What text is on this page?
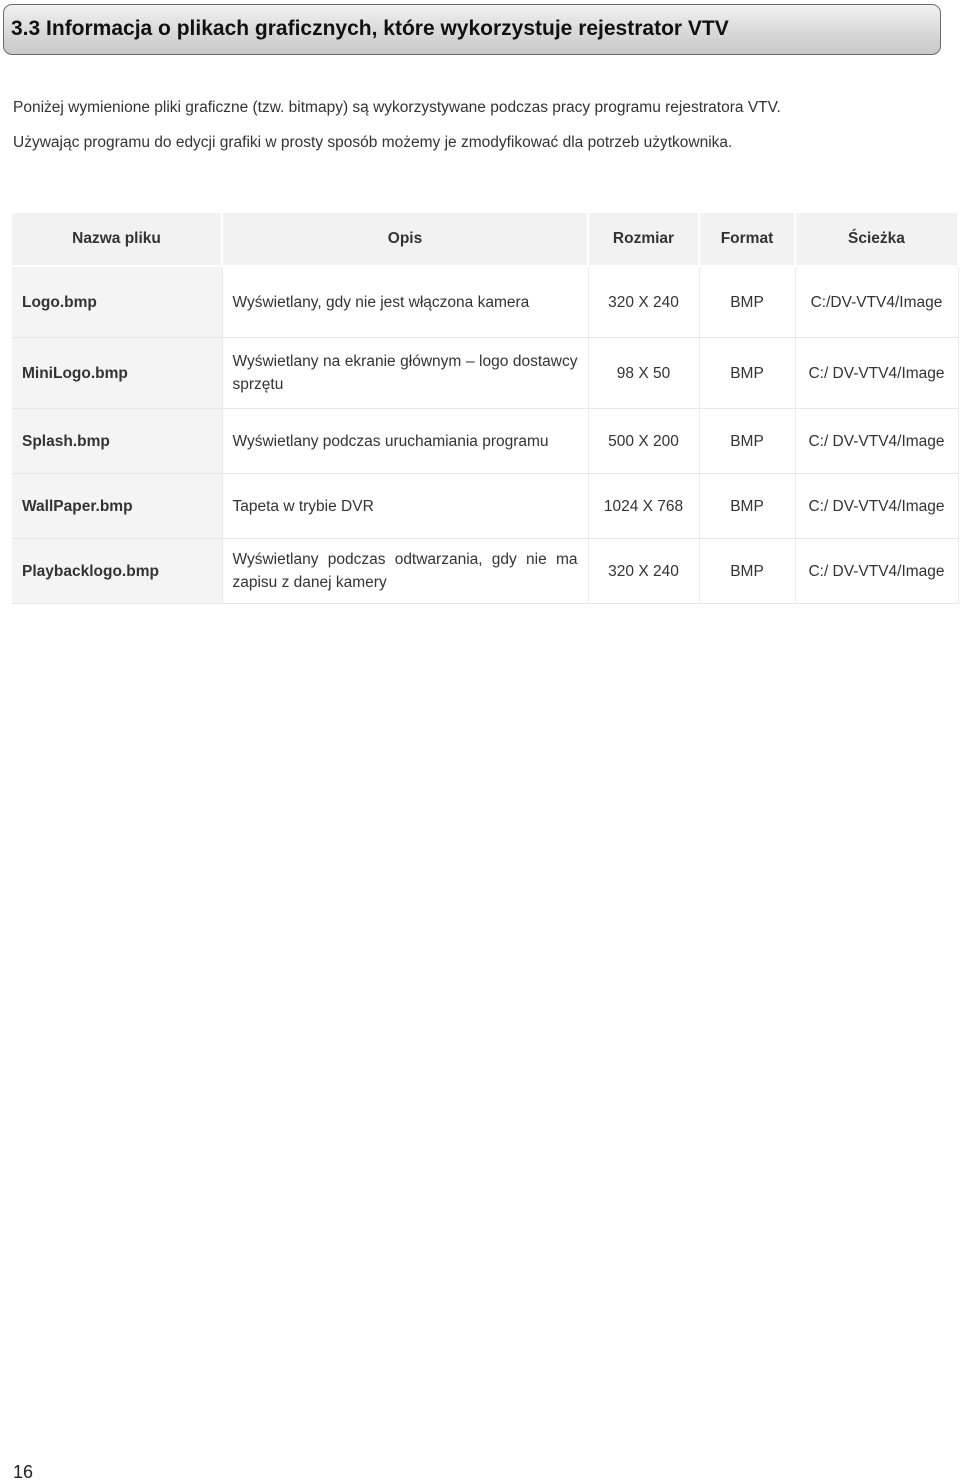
3.3 Informacja o plikach graficznych, które wykorzystuje rejestrator VTV
Poniżej wymienione pliki graficzne (tzw. bitmapy) są wykorzystywane podczas pracy programu rejestratora VTV.
Używając programu do edycji grafiki w prosty sposób możemy je zmodyfikować dla potrzeb użytkownika.
Nazwa pliku	Opis	Rozmiar	Format	Ścieżka
Logo.bmp	Wyświetlany, gdy nie jest włączona kamera	320 X 240	BMP	C:/DV-VTV4/Image
MiniLogo.bmp	Wyświetlany na ekranie głównym – logo dostawcy sprzętu	98 X 50	BMP	C:/ DV-VTV4/Image
Splash.bmp	Wyświetlany podczas uruchamiania programu	500 X 200	BMP	C:/ DV-VTV4/Image
WallPaper.bmp	Tapeta w trybie DVR	1024 X 768	BMP	C:/ DV-VTV4/Image
Playbacklogo.bmp	Wyświetlany podczas odtwarzania, gdy nie ma zapisu z danej kamery	320 X 240	BMP	C:/ DV-VTV4/Image
16
